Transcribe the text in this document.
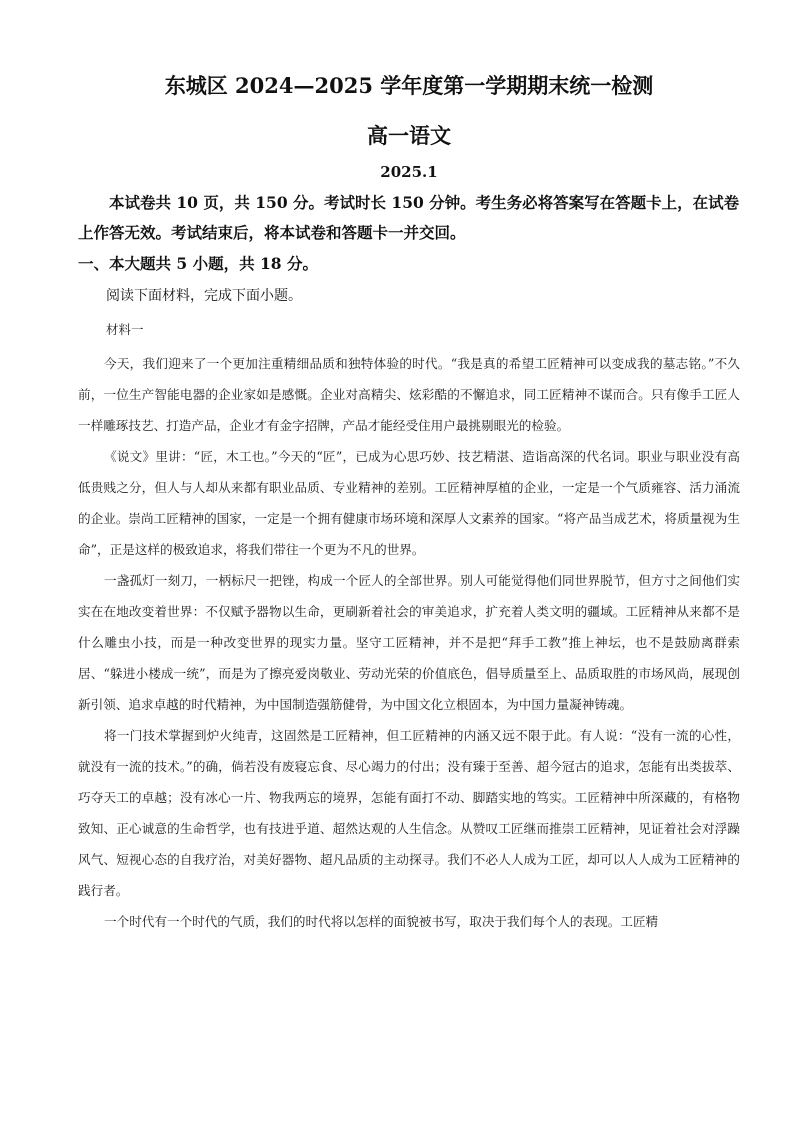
东城区 2024—2025 学年度第一学期期末统一检测
高一语文
2025.1

本试卷共 10 页，共 150 分。考试时长 150 分钟。考生务必将答案写在答题卡上，在试卷上作答无效。考试结束后，将本试卷和答题卡一并交回。

一、本大题共 5 小题，共 18 分。
阅读下面材料，完成下面小题。
材料一

今天，我们迎来了一个更加注重精细品质和独特体验的时代。“我是真的希望工匠精神可以变成我的墓志铭。”不久前，一位生产智能电器的企业家如是感慨。企业对高精尖、炫彩酷的不懈追求，同工匠精神不谋而合。只有像手工匠人一样雕琢技艺、打造产品，企业才有金字招牌，产品才能经受住用户最挑剔眼光的检验。

《说文》里讲：“匠，木工也。”今天的“匠”，已成为心思巧妙、技艺精湛、造诣高深的代名词。职业与职业没有高低贵贱之分，但人与人却从来都有职业品质、专业精神的差别。工匠精神厚植的企业，一定是一个气质雍容、活力涌流的企业。崇尚工匠精神的国家，一定是一个拥有健康市场环境和深厚人文素养的国家。“将产品当成艺术，将质量视为生命”，正是这样的极致追求，将我们带往一个更为不凡的世界。

一盏孤灯一刻刀，一柄标尺一把锉，构成一个匠人的全部世界。别人可能觉得他们同世界脱节，但方寸之间他们实实在在地改变着世界：不仅赋予器物以生命，更刷新着社会的审美追求，扩充着人类文明的疆域。工匠精神从来都不是什么雕虫小技，而是一种改变世界的现实力量。坚守工匠精神，并不是把“拜手工教”推上神坛，也不是鼓励离群索居、“躲进小楼成一统”，而是为了擦亮爱岗敬业、劳动光荣的价值底色，倡导质量至上、品质取胜的市场风尚，展现创新引领、追求卓越的时代精神，为中国制造强筋健骨，为中国文化立根固本，为中国力量凝神铸魂。

将一门技术掌握到炉火纯青，这固然是工匠精神，但工匠精神的内涵又远不限于此。有人说：“没有一流的心性，就没有一流的技术。”的确，倘若没有废寝忘食、尽心竭力的付出；没有臻于至善、超今冠古的追求，怎能有出类拔萃、巧夺天工的卓越；没有冰心一片、物我两忘的境界，怎能有面打不动、脚踏实地的笃实。工匠精神中所深藏的，有格物致知、正心诚意的生命哲学，也有技进乎道、超然达观的人生信念。从赞叹工匠继而推崇工匠精神，见证着社会对浮躁风气、短视心态的自我疗治，对美好器物、超凡品质的主动探寻。我们不必人人成为工匠，却可以人人成为工匠精神的践行者。

一个时代有一个时代的气质，我们的时代将以怎样的面貌被书写，取决于我们每个人的表现。工匠精
